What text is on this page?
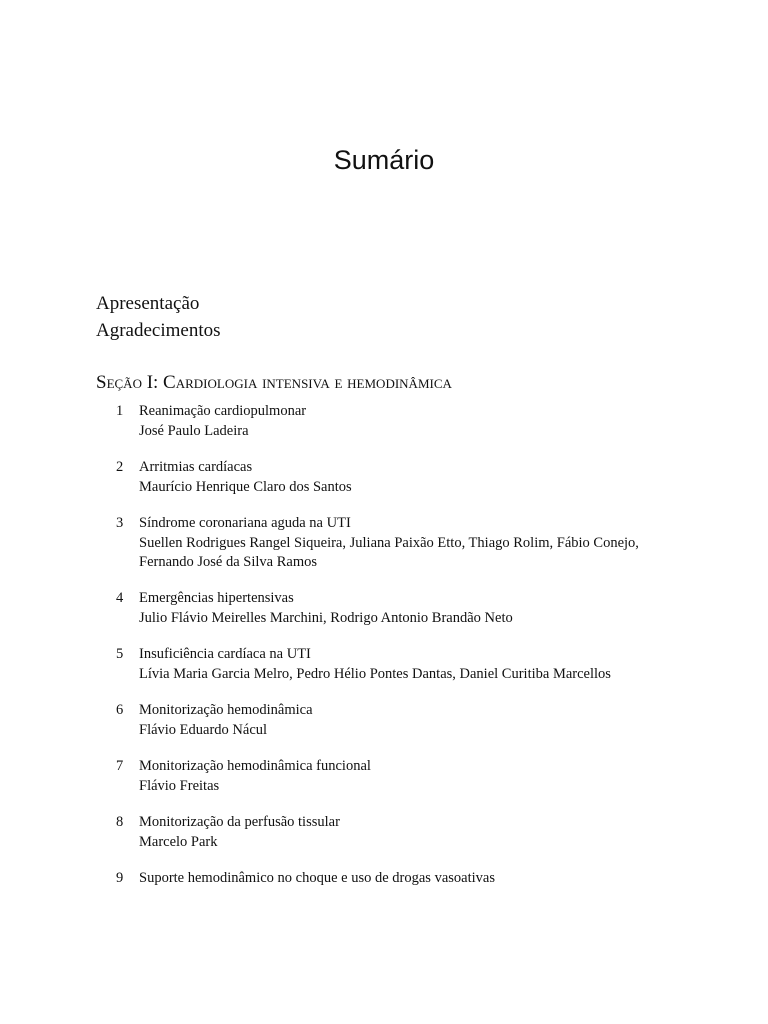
Sumário
Apresentação
Agradecimentos
Seção I: Cardiologia intensiva e hemodinâmica
1 Reanimação cardiopulmonar
José Paulo Ladeira
2 Arritmias cardíacas
Maurício Henrique Claro dos Santos
3 Síndrome coronariana aguda na UTI
Suellen Rodrigues Rangel Siqueira, Juliana Paixão Etto, Thiago Rolim, Fábio Conejo, Fernando José da Silva Ramos
4 Emergências hipertensivas
Julio Flávio Meirelles Marchini, Rodrigo Antonio Brandão Neto
5 Insuficiência cardíaca na UTI
Lívia Maria Garcia Melro, Pedro Hélio Pontes Dantas, Daniel Curitiba Marcellos
6 Monitorização hemodinâmica
Flávio Eduardo Nácul
7 Monitorização hemodinâmica funcional
Flávio Freitas
8 Monitorização da perfusão tissular
Marcelo Park
9 Suporte hemodinâmico no choque e uso de drogas vasoativas
